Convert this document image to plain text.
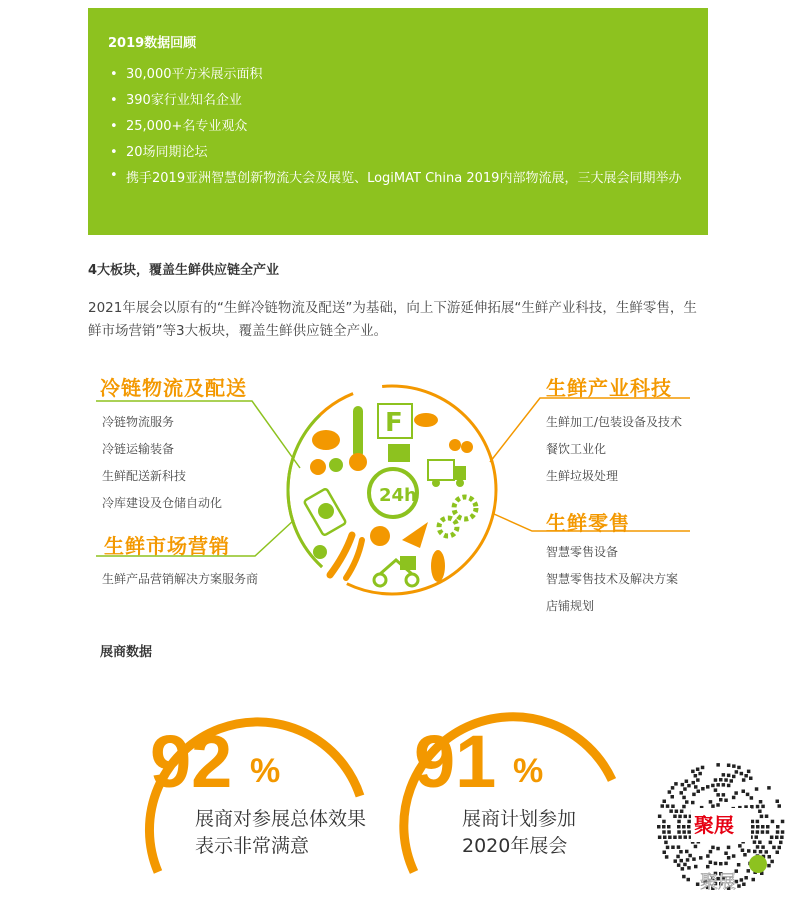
2019数据回顾
• 30,000平方米展示面积
• 390家行业知名企业
• 25,000+名专业观众
• 20场同期论坛
• 携手2019亚洲智慧创新物流大会及展览、LogiMAT China 2019内部物流展，三大展会同期举办
4大板块，覆盖生鲜供应链全产业
2021年展会以原有的“生鲜冷链物流及配送”为基础，向上下游延伸拓展“生鲜产业科技，生鲜零售，生鲜市场营销”等3大板块，覆盖生鲜供应链全产业。
冷链物流及配送
冷链物流服务
冷链运输装备
生鲜配送新科技
冷库建设及仓储自动化
生鲜市场营销
生鲜产品营销解决方案服务商
生鲜产业科技
生鲜加工/包装设备及技术
餐饮工业化
生鲜垃圾处理
生鲜零售
智慧零售设备
智慧零售技术及解决方案
店铺规划
F
24h
展商数据
92 %
展商对参展总体效果
表示非常满意
91 %
展商计划参加
2020年展会
聚展
聚展
